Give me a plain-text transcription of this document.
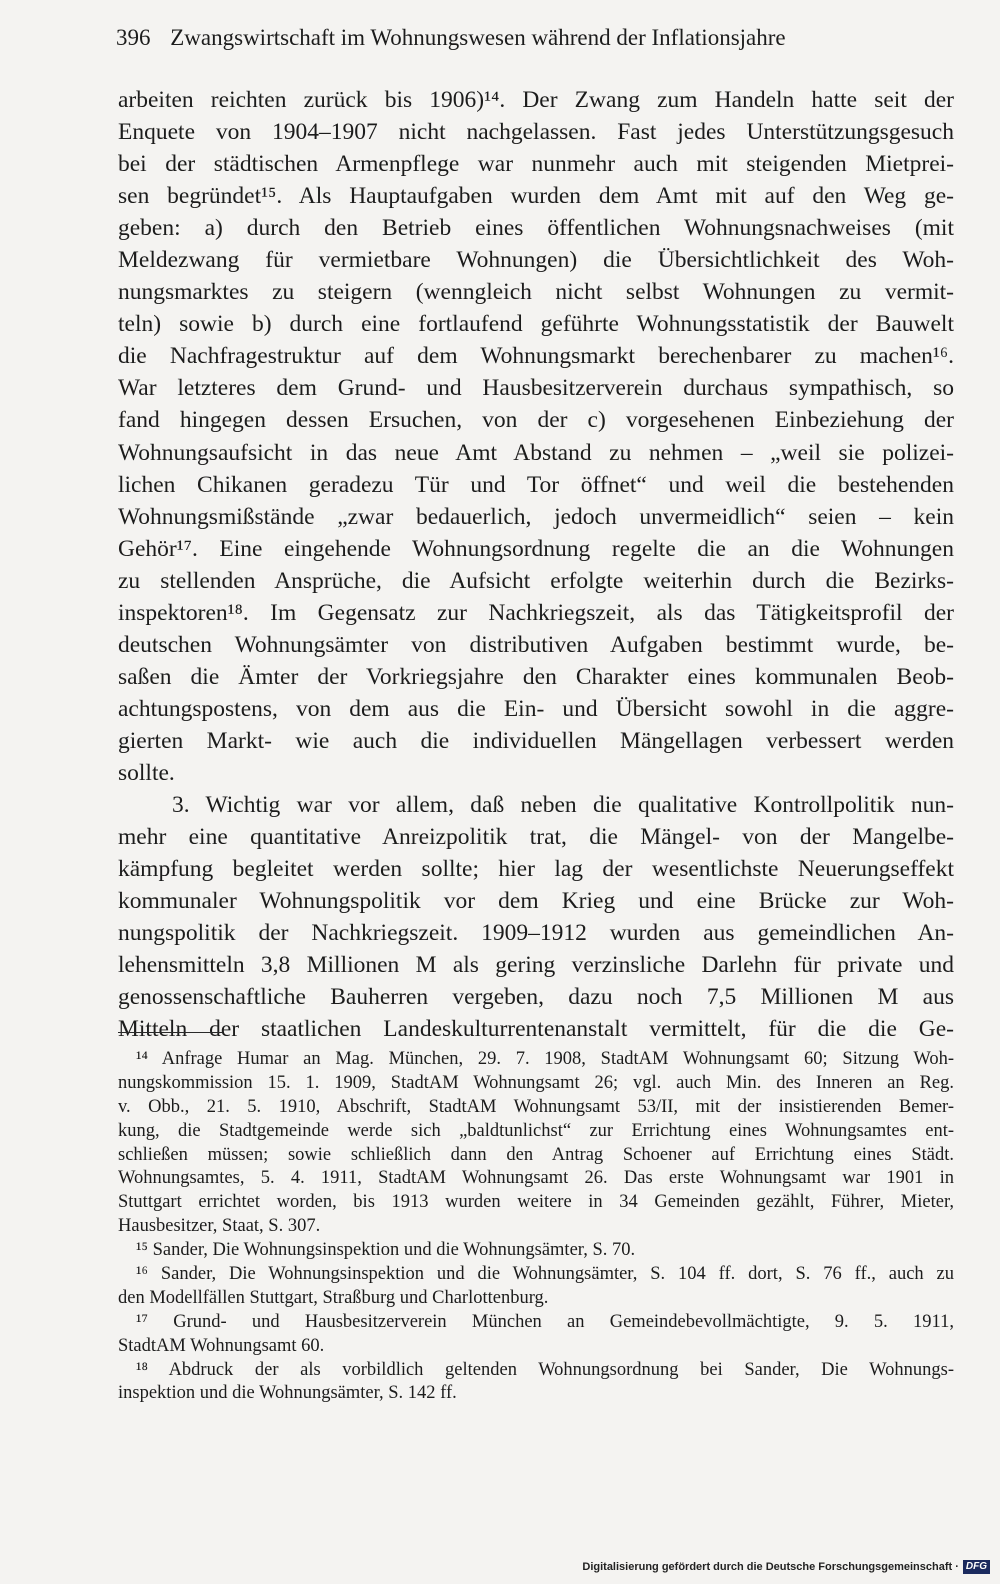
396 Zwangswirtschaft im Wohnungswesen während der Inflationsjahre
arbeiten reichten zurück bis 1906)¹⁴. Der Zwang zum Handeln hatte seit der
Enquete von 1904–1907 nicht nachgelassen. Fast jedes Unterstützungsgesuch
bei der städtischen Armenpflege war nunmehr auch mit steigenden Mietprei-
sen begründet¹⁵. Als Hauptaufgaben wurden dem Amt mit auf den Weg ge-
geben: a) durch den Betrieb eines öffentlichen Wohnungsnachweises (mit
Meldezwang für vermietbare Wohnungen) die Übersichtlichkeit des Woh-
nungsmarktes zu steigern (wenngleich nicht selbst Wohnungen zu vermit-
teln) sowie b) durch eine fortlaufend geführte Wohnungsstatistik der Bauwelt
die Nachfragestruktur auf dem Wohnungsmarkt berechenbarer zu machen¹⁶.
War letzteres dem Grund- und Hausbesitzerverein durchaus sympathisch, so
fand hingegen dessen Ersuchen, von der c) vorgesehenen Einbeziehung der
Wohnungsaufsicht in das neue Amt Abstand zu nehmen – „weil sie polizei-
lichen Chikanen geradezu Tür und Tor öffnet“ und weil die bestehenden
Wohnungsmißstände „zwar bedauerlich, jedoch unvermeidlich“ seien – kein
Gehör¹⁷. Eine eingehende Wohnungsordnung regelte die an die Wohnungen
zu stellenden Ansprüche, die Aufsicht erfolgte weiterhin durch die Bezirks-
inspektoren¹⁸. Im Gegensatz zur Nachkriegszeit, als das Tätigkeitsprofil der
deutschen Wohnungsämter von distributiven Aufgaben bestimmt wurde, be-
saßen die Ämter der Vorkriegsjahre den Charakter eines kommunalen Beob-
achtungspostens, von dem aus die Ein- und Übersicht sowohl in die aggre-
gierten Markt- wie auch die individuellen Mängellagen verbessert werden
sollte.
3. Wichtig war vor allem, daß neben die qualitative Kontrollpolitik nun-
mehr eine quantitative Anreizpolitik trat, die Mängel- von der Mangelbe-
kämpfung begleitet werden sollte; hier lag der wesentlichste Neuerungseffekt
kommunaler Wohnungspolitik vor dem Krieg und eine Brücke zur Woh-
nungspolitik der Nachkriegszeit. 1909–1912 wurden aus gemeindlichen An-
lehensmitteln 3,8 Millionen M als gering verzinsliche Darlehn für private und
genossenschaftliche Bauherren vergeben, dazu noch 7,5 Millionen M aus
Mitteln der staatlichen Landeskulturrentenanstalt vermittelt, für die die Ge-
¹⁴ Anfrage Humar an Mag. München, 29. 7. 1908, StadtAM Wohnungsamt 60; Sitzung Woh-
nungskommission 15. 1. 1909, StadtAM Wohnungsamt 26; vgl. auch Min. des Inneren an Reg.
v. Obb., 21. 5. 1910, Abschrift, StadtAM Wohnungsamt 53/II, mit der insistierenden Bemer-
kung, die Stadtgemeinde werde sich „baldtunlichst“ zur Errichtung eines Wohnungsamtes ent-
schließen müssen; sowie schließlich dann den Antrag Schoener auf Errichtung eines Städt.
Wohnungsamtes, 5. 4. 1911, StadtAM Wohnungsamt 26. Das erste Wohnungsamt war 1901 in
Stuttgart errichtet worden, bis 1913 wurden weitere in 34 Gemeinden gezählt, Führer, Mieter,
Hausbesitzer, Staat, S. 307.
¹⁵ Sander, Die Wohnungsinspektion und die Wohnungsämter, S. 70.
¹⁶ Sander, Die Wohnungsinspektion und die Wohnungsämter, S. 104 ff. dort, S. 76 ff., auch zu
den Modellfällen Stuttgart, Straßburg und Charlottenburg.
¹⁷ Grund- und Hausbesitzerverein München an Gemeindebevollmächtigte, 9. 5. 1911,
StadtAM Wohnungsamt 60.
¹⁸ Abdruck der als vorbildlich geltenden Wohnungsordnung bei Sander, Die Wohnungs-
inspektion und die Wohnungsämter, S. 142 ff.
Digitalisierung gefördert durch die Deutsche Forschungsgemeinschaft · DFG
